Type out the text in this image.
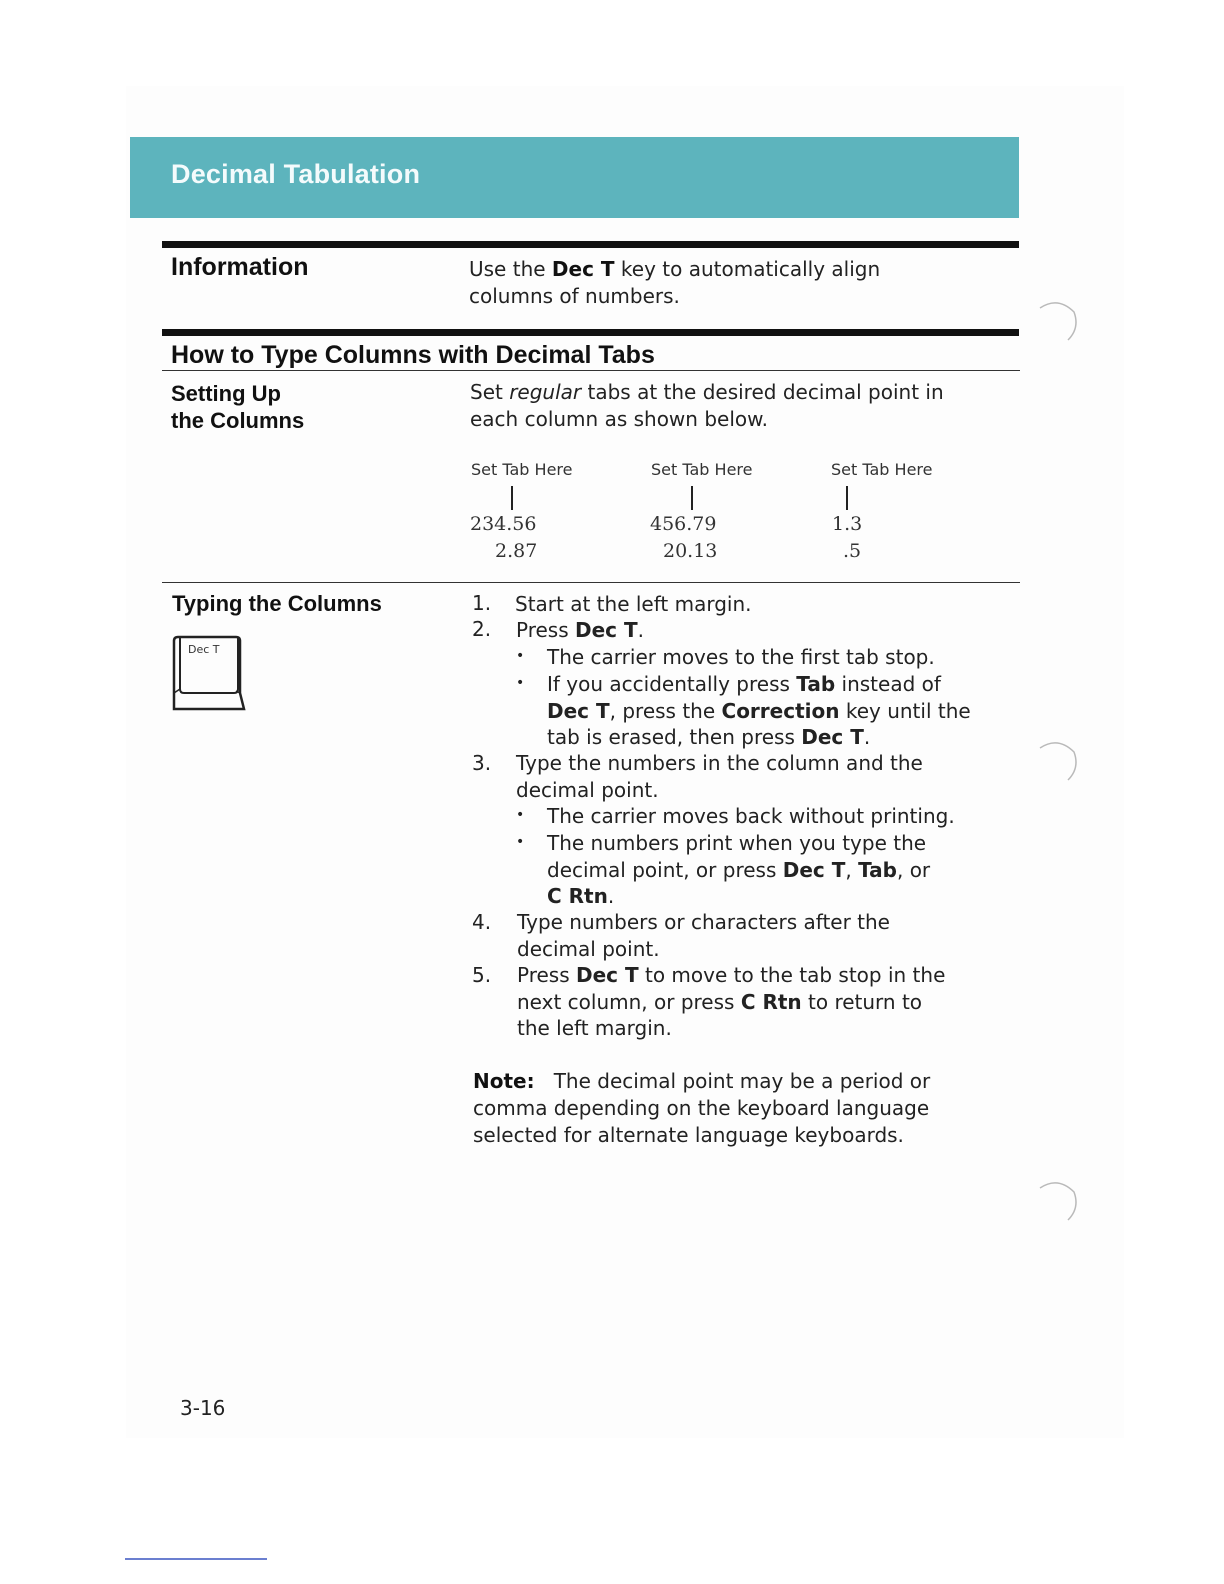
Decimal Tabulation
Information	Use the Dec T key to automatically align
columns of numbers.
How to Type Columns with Decimal Tabs
Setting Up
the Columns
Set regular tabs at the desired decimal point in
each column as shown below.
Set Tab Here
234.56
2.87
Set Tab Here
456.79
20.13
Set Tab Here
1.3
.5
Typing the Columns
Dec T
1. Start at the left margin.
2. Press Dec T.
• The carrier moves to the first tab stop.
• If you accidentally press Tab instead of
Dec T, press the Correction key until the
tab is erased, then press Dec T.
3. Type the numbers in the column and the
decimal point.
• The carrier moves back without printing.
• The numbers print when you type the
decimal point, or press Dec T, Tab, or
C Rtn.
4. Type numbers or characters after the
decimal point.
5. Press Dec T to move to the tab stop in the
next column, or press C Rtn to return to
the left margin.
Note: The decimal point may be a period or
comma depending on the keyboard language
selected for alternate language keyboards.
3-16
